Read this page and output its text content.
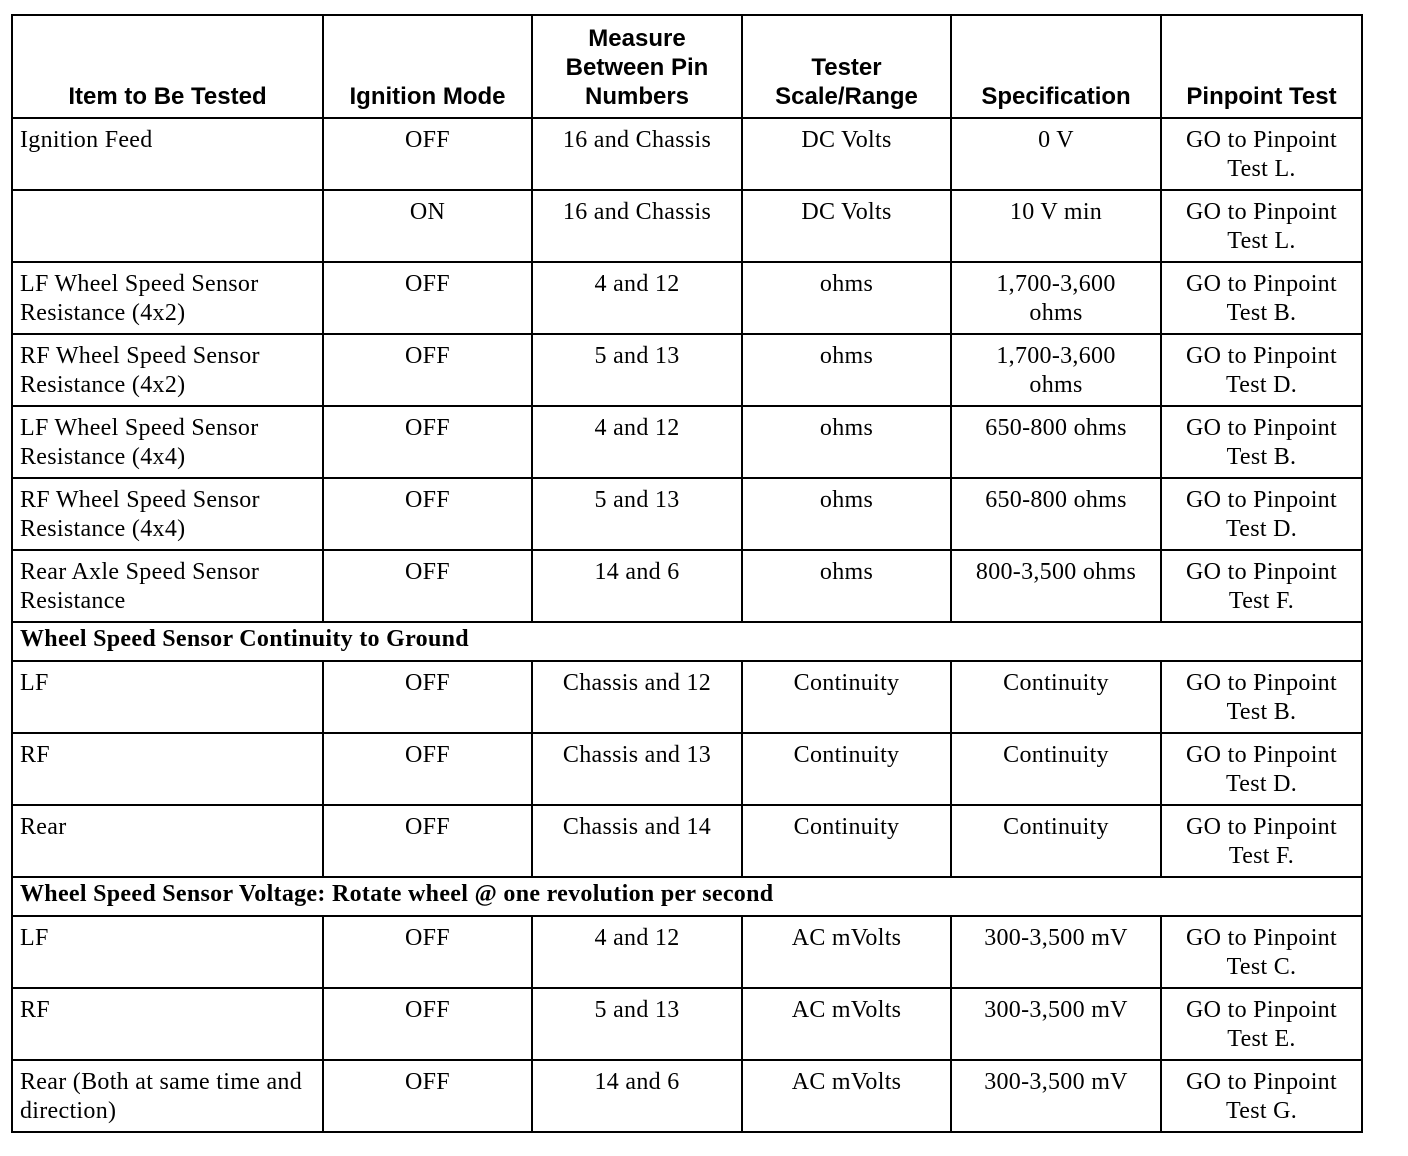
Item to Be Tested	Ignition Mode	Measure Between Pin Numbers	Tester Scale/Range	Specification	Pinpoint Test
Ignition Feed	OFF	16 and Chassis	DC Volts	0 V	GO to Pinpoint Test L.
	ON	16 and Chassis	DC Volts	10 V min	GO to Pinpoint Test L.
LF Wheel Speed Sensor Resistance (4x2)	OFF	4 and 12	ohms	1,700-3,600 ohms	GO to Pinpoint Test B.
RF Wheel Speed Sensor Resistance (4x2)	OFF	5 and 13	ohms	1,700-3,600 ohms	GO to Pinpoint Test D.
LF Wheel Speed Sensor Resistance (4x4)	OFF	4 and 12	ohms	650-800 ohms	GO to Pinpoint Test B.
RF Wheel Speed Sensor Resistance (4x4)	OFF	5 and 13	ohms	650-800 ohms	GO to Pinpoint Test D.
Rear Axle Speed Sensor Resistance	OFF	14 and 6	ohms	800-3,500 ohms	GO to Pinpoint Test F.
Wheel Speed Sensor Continuity to Ground					
LF	OFF	Chassis and 12	Continuity	Continuity	GO to Pinpoint Test B.
RF	OFF	Chassis and 13	Continuity	Continuity	GO to Pinpoint Test D.
Rear	OFF	Chassis and 14	Continuity	Continuity	GO to Pinpoint Test F.
Wheel Speed Sensor Voltage: Rotate wheel @ one revolution per second					
LF	OFF	4 and 12	AC mVolts	300-3,500 mV	GO to Pinpoint Test C.
RF	OFF	5 and 13	AC mVolts	300-3,500 mV	GO to Pinpoint Test E.
Rear (Both at same time and direction)	OFF	14 and 6	AC mVolts	300-3,500 mV	GO to Pinpoint Test G.
